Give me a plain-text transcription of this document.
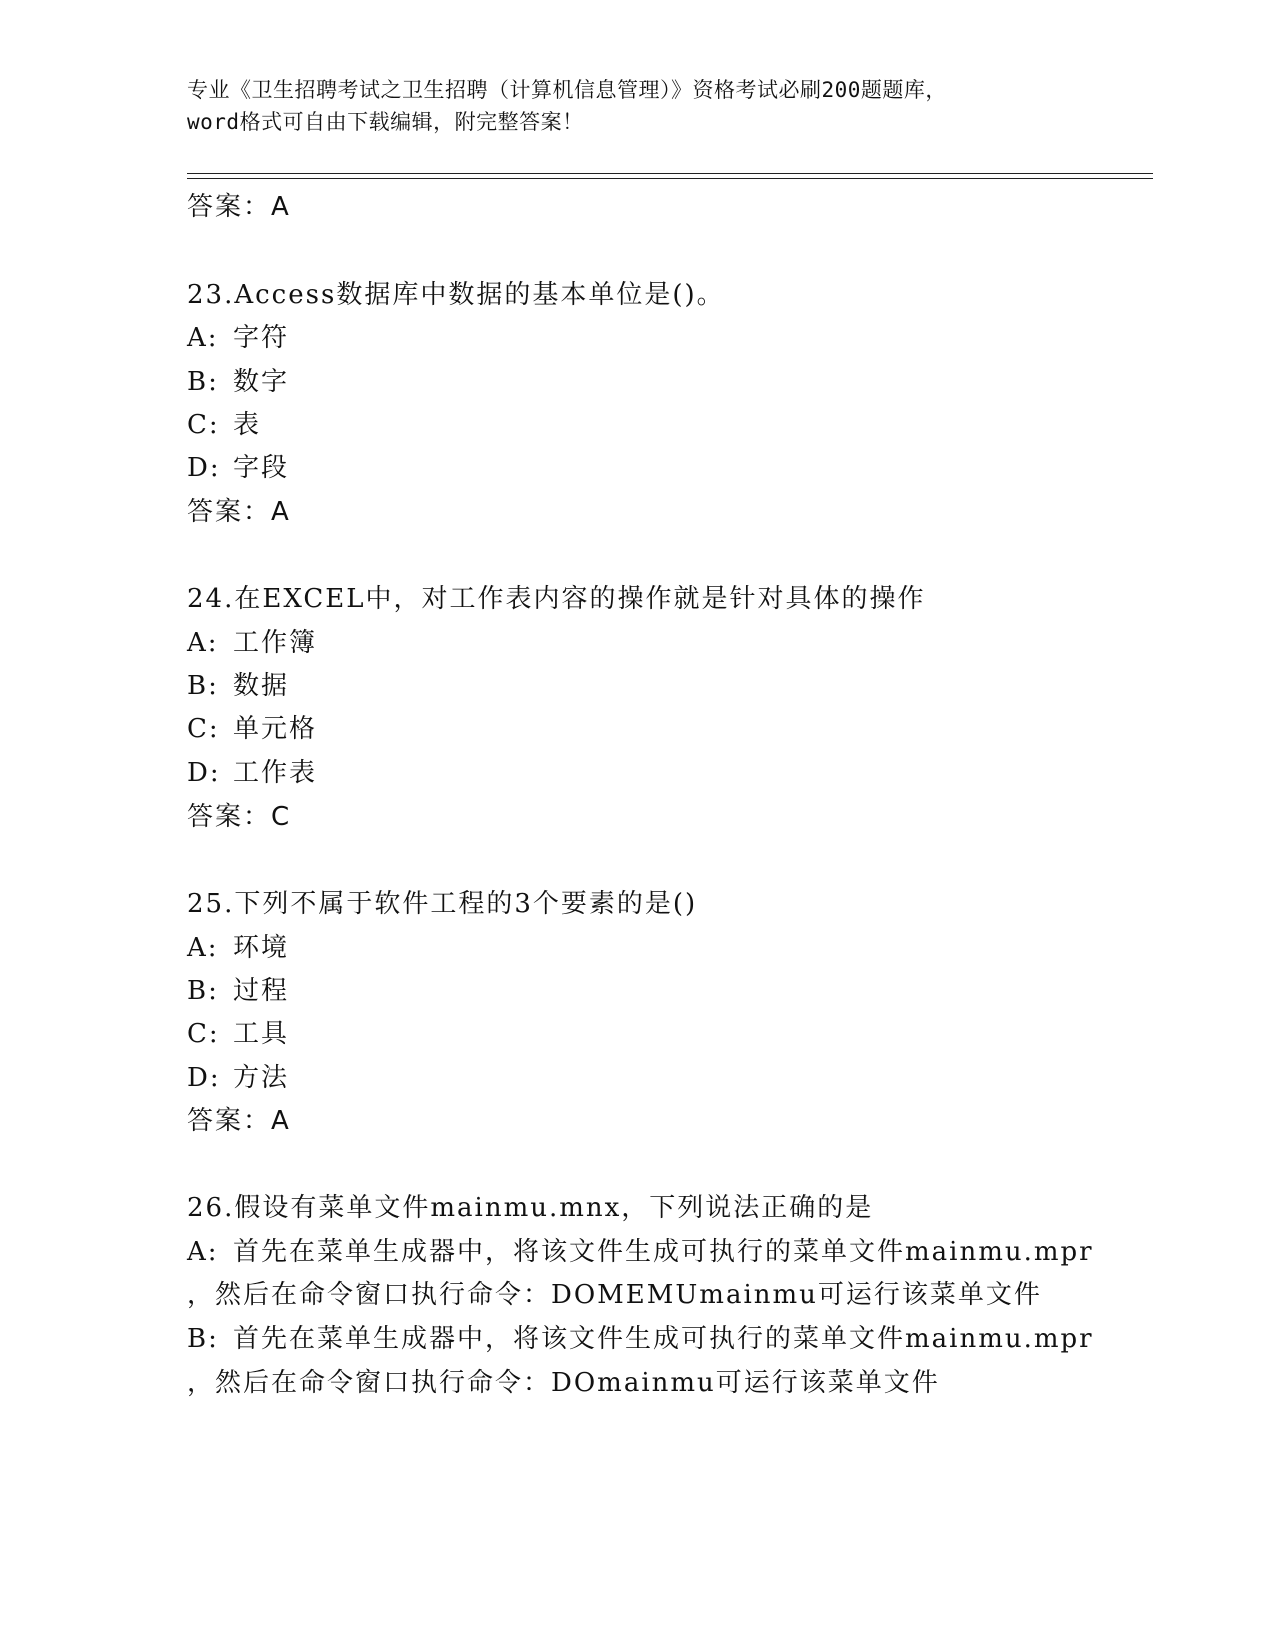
专业《卫生招聘考试之卫生招聘（计算机信息管理）》资格考试必刷200题题库，
word格式可自由下载编辑，附完整答案！
答案：A
23.Access数据库中数据的基本单位是()。
A: 字符
B: 数字
C: 表
D: 字段
答案：A
24.在EXCEL中，对工作表内容的操作就是针对具体的操作
A: 工作簿
B: 数据
C: 单元格
D: 工作表
答案：C
25.下列不属于软件工程的3个要素的是()
A: 环境
B: 过程
C: 工具
D: 方法
答案：A
26.假设有菜单文件mainmu.mnx，下列说法正确的是
A: 首先在菜单生成器中，将该文件生成可执行的菜单文件mainmu.mpr
，然后在命令窗口执行命令：DOMEMUmainmu可运行该菜单文件
B: 首先在菜单生成器中，将该文件生成可执行的菜单文件mainmu.mpr
，然后在命令窗口执行命令：DOmainmu可运行该菜单文件
